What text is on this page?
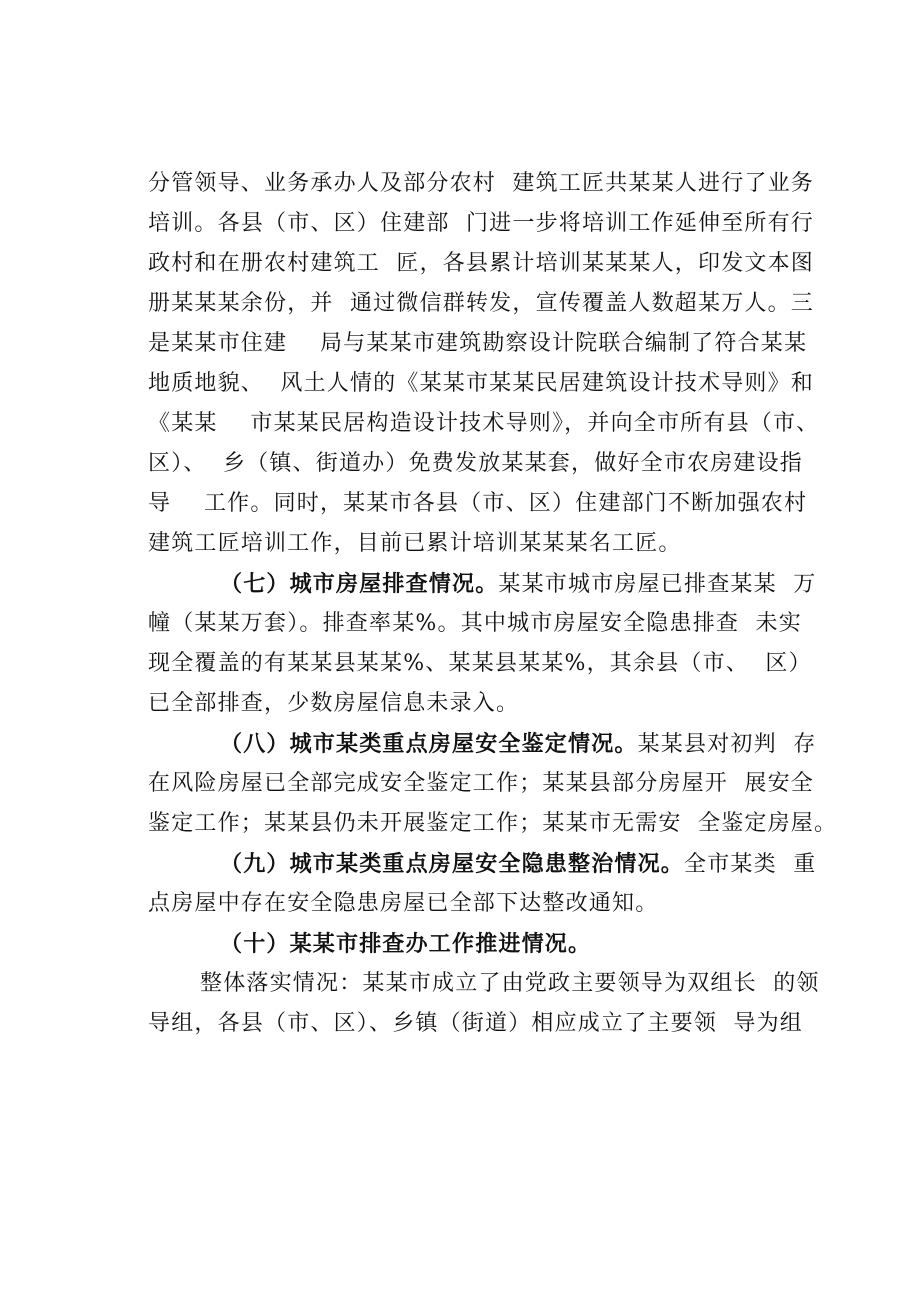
分管领导、业务承办人及部分农村  建筑工匠共某某人进行了业务
培训。各县（市、区）住建部  门进一步将培训工作延伸至所有行
政村和在册农村建筑工  匠，各县累计培训某某某人，印发文本图
册某某某余份，并  通过微信群转发，宣传覆盖人数超某万人。三
是某某市住建    局与某某市建筑勘察设计院联合编制了符合某某
地质地貌、  风土人情的《某某市某某民居建筑设计技术导则》和
《某某    市某某民居构造设计技术导则》，并向全市所有县（市、
区）、  乡（镇、街道办）免费发放某某套，做好全市农房建设指
导    工作。同时，某某市各县（市、区）住建部门不断加强农村
建筑工匠培训工作，目前已累计培训某某某名工匠。
（七）城市房屋排查情况。某某市城市房屋已排查某某  万
幢（某某万套）。排查率某%。其中城市房屋安全隐患排查  未实
现全覆盖的有某某县某某%、某某县某某%，其余县（市、  区）
已全部排查，少数房屋信息未录入。
（八）城市某类重点房屋安全鉴定情况。某某县对初判  存
在风险房屋已全部完成安全鉴定工作；某某县部分房屋开  展安全
鉴定工作；某某县仍未开展鉴定工作；某某市无需安  全鉴定房屋。
（九）城市某类重点房屋安全隐患整治情况。全市某类  重
点房屋中存在安全隐患房屋已全部下达整改通知。
（十）某某市排查办工作推进情况。
整体落实情况：某某市成立了由党政主要领导为双组长  的领
导组，各县（市、区）、乡镇（街道）相应成立了主要领  导为组
